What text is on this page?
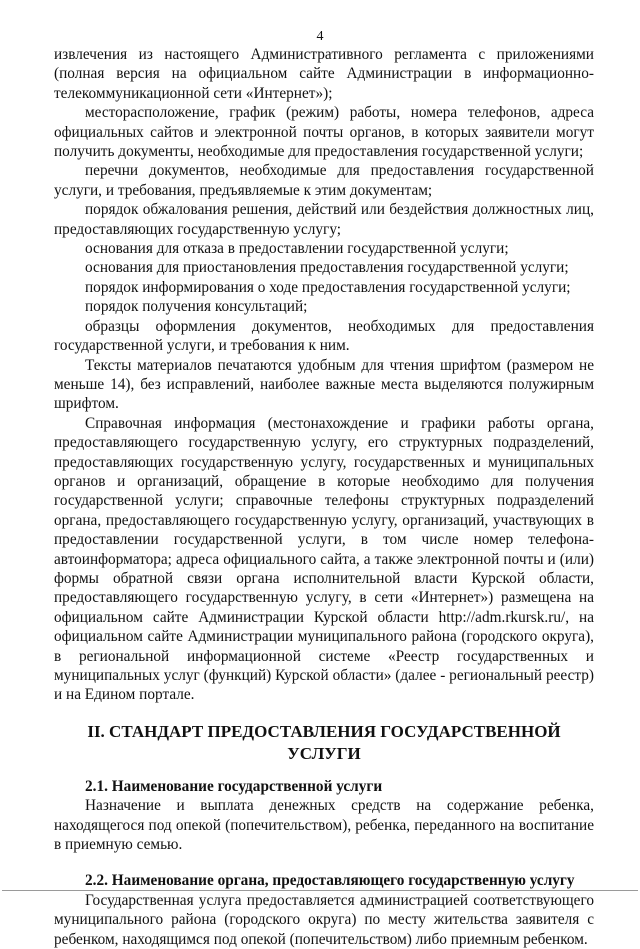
4

извлечения из настоящего Административного регламента с приложениями (полная версия на официальном сайте Администрации в информационно-телекоммуникационной сети «Интернет»);

месторасположение, график (режим) работы, номера телефонов, адреса официальных сайтов и электронной почты органов, в которых заявители могут получить документы, необходимые для предоставления государственной услуги;

перечни документов, необходимые для предоставления государственной услуги, и требования, предъявляемые к этим документам;

порядок обжалования решения, действий или бездействия должностных лиц, предоставляющих государственную услугу;

основания для отказа в предоставлении государственной услуги;

основания для приостановления предоставления государственной услуги;

порядок информирования о ходе предоставления государственной услуги;

порядок получения консультаций;

образцы оформления документов, необходимых для предоставления государственной услуги, и требования к ним.

Тексты материалов печатаются удобным для чтения шрифтом (размером не меньше 14), без исправлений, наиболее важные места выделяются полужирным шрифтом.

Справочная информация (местонахождение и графики работы органа, предоставляющего государственную услугу, его структурных подразделений, предоставляющих государственную услугу, государственных и муниципальных органов и организаций, обращение в которые необходимо для получения государственной услуги; справочные телефоны структурных подразделений органа, предоставляющего государственную услугу, организаций, участвующих в предоставлении государственной услуги, в том числе номер телефона-автоинформатора; адреса официального сайта, а также электронной почты и (или) формы обратной связи органа исполнительной власти Курской области, предоставляющего государственную услугу, в сети «Интернет») размещена на официальном сайте Администрации Курской области http://adm.rkursk.ru/, на официальном сайте Администрации муниципального района (городского округа), в региональной информационной системе «Реестр государственных и муниципальных услуг (функций) Курской области» (далее - региональный реестр) и на Едином портале.

II. СТАНДАРТ ПРЕДОСТАВЛЕНИЯ ГОСУДАРСТВЕННОЙ УСЛУГИ
2.1. Наименование государственной услуги

Назначение и выплата денежных средств на содержание ребенка, находящегося под опекой (попечительством), ребенка, переданного на воспитание в приемную семью.

2.2. Наименование органа, предоставляющего государственную услугу

Государственная услуга предоставляется администрацией соответствующего муниципального района (городского округа) по месту жительства заявителя с ребенком, находящимся под опекой (попечительством) либо приемным ребенком.
